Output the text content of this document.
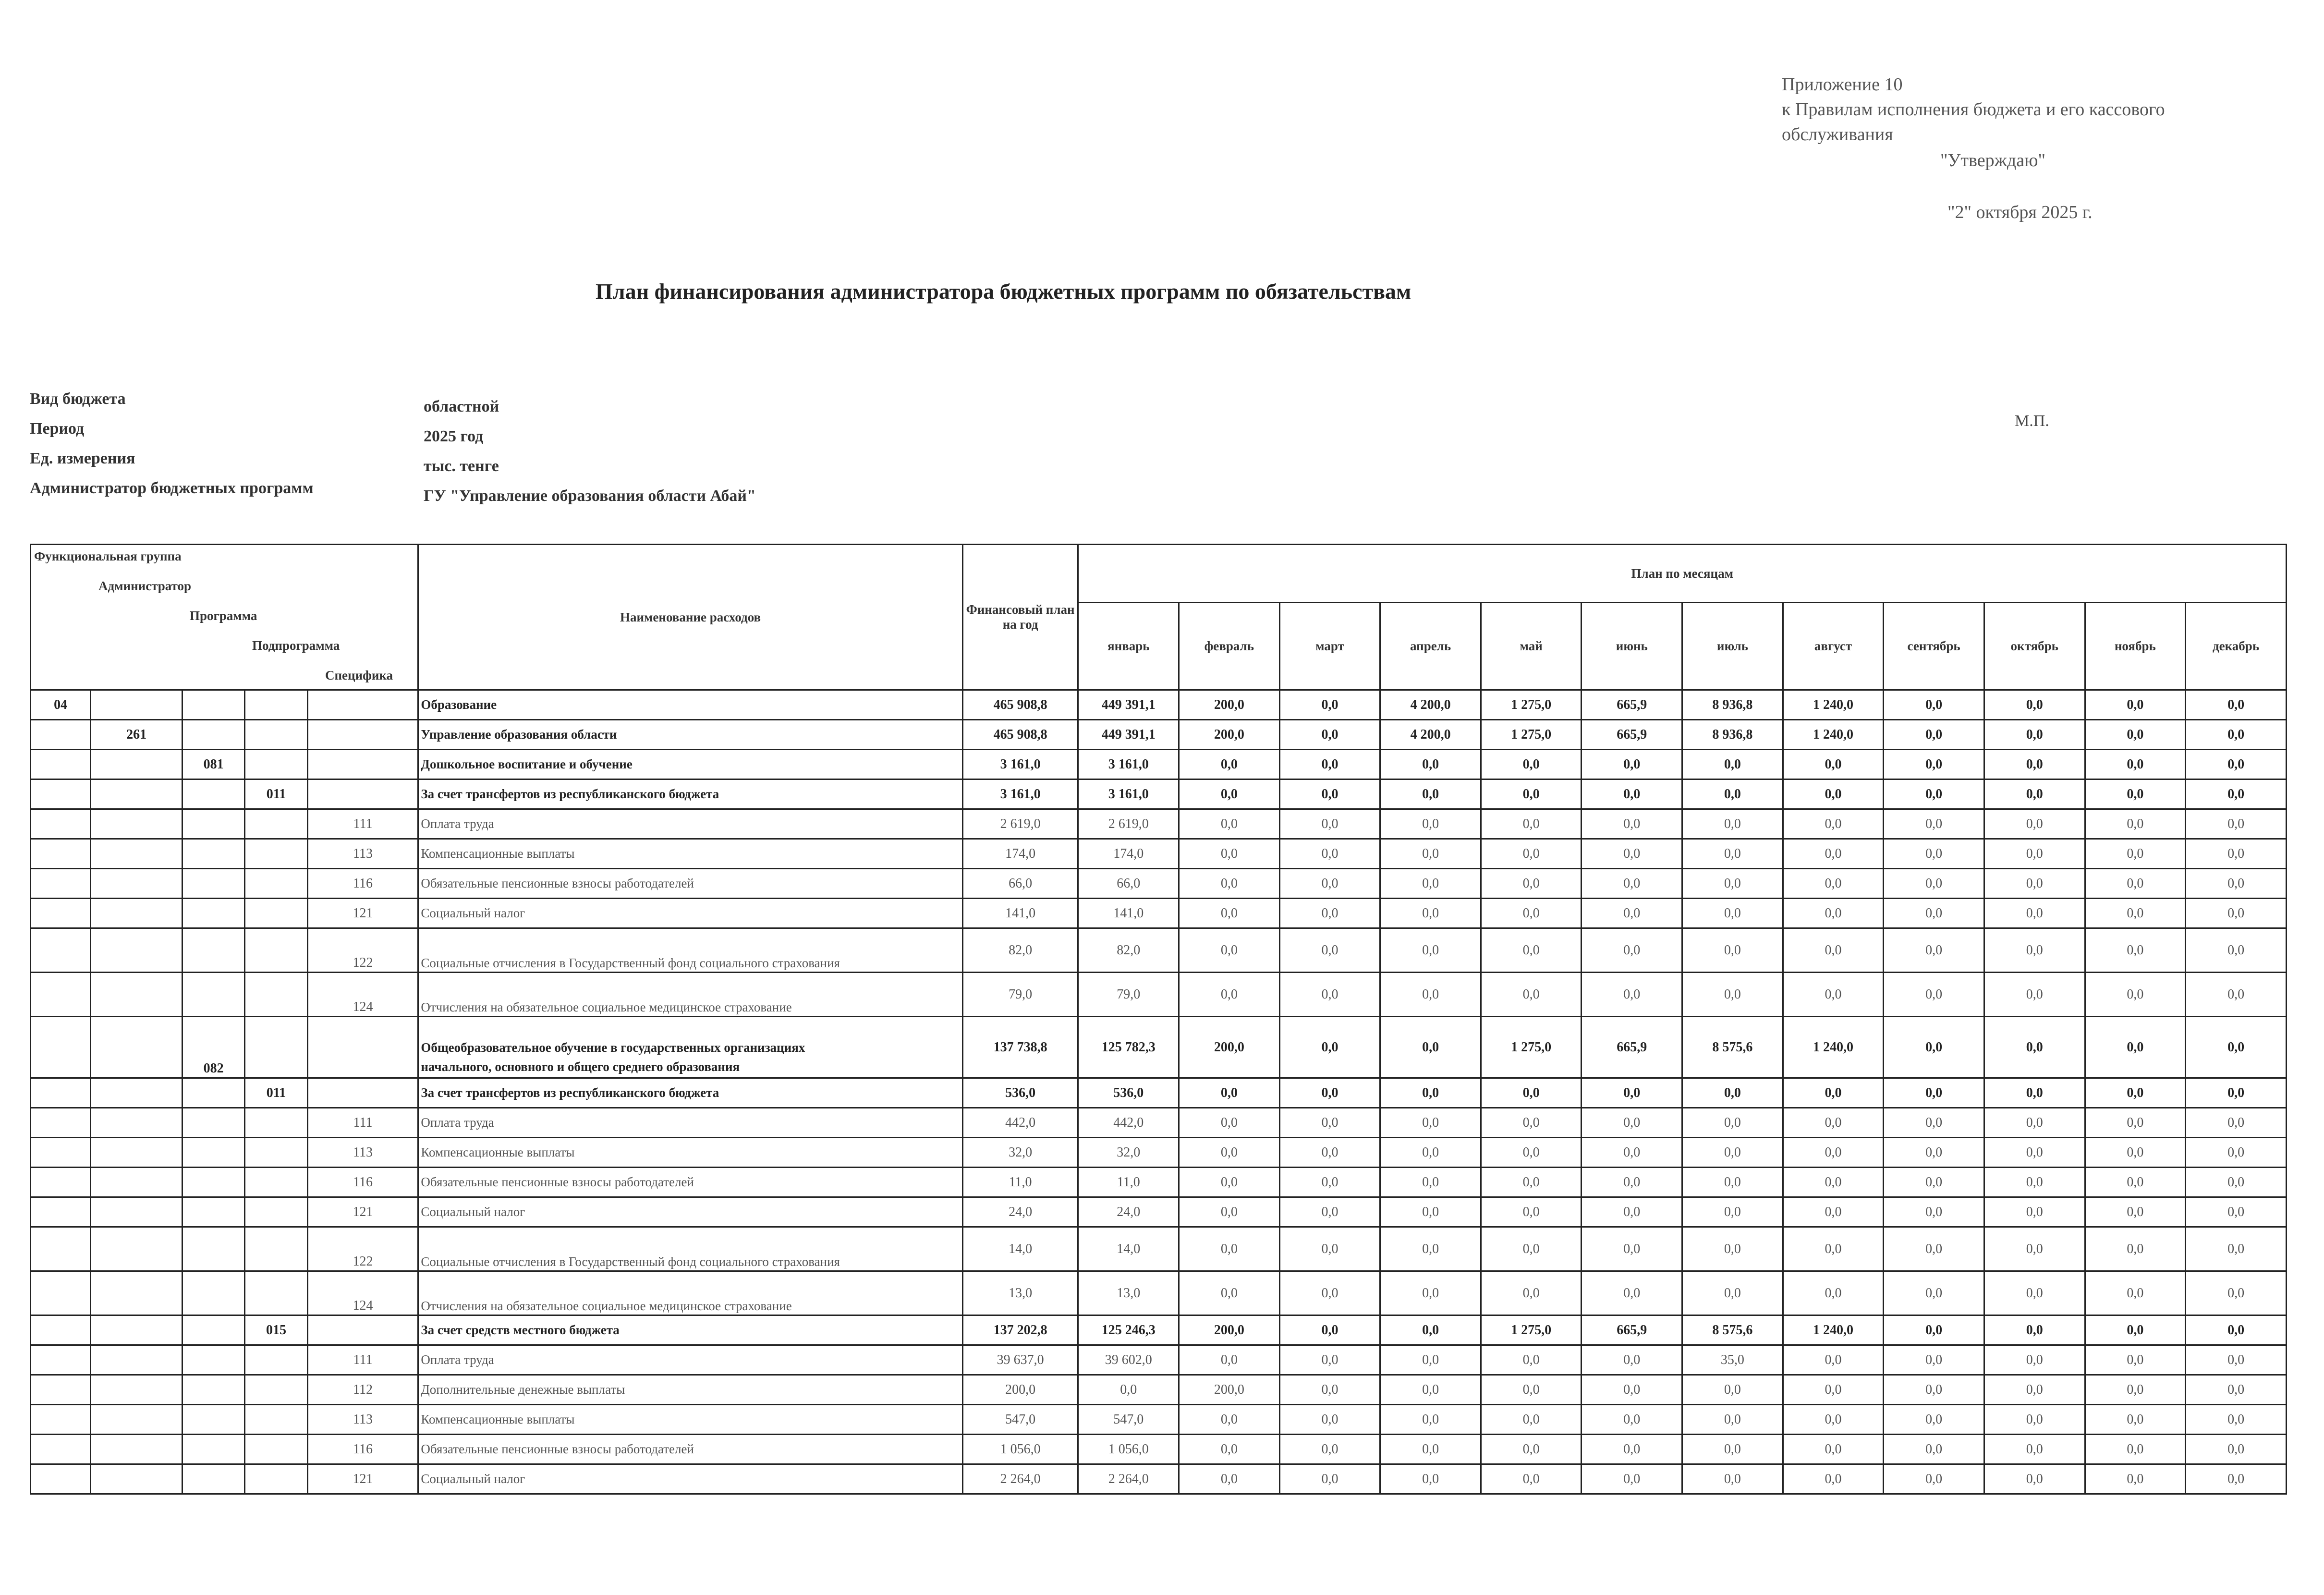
Приложение 10
к Правилам исполнения бюджета и его кассового
обслуживания
"Утверждаю"
"2" октября 2025 г.
План финансирования администратора бюджетных программ по обязательствам
Вид бюджета	областной
Период	2025 год
Ед. измерения	тыс. тенге
Администратор бюджетных программ	ГУ "Управление образования области Абай"
М.П.
Функциональная группа
Администратор
Программа
Подпрограмма
Специфика					Наименование расходов	Финансовый план на год	План по месяцам											
							январь	февраль	март	апрель	май	июнь	июль	август	сентябрь	октябрь	ноябрь	декабрь
04					Образование	465 908,8	449 391,1	200,0	0,0	4 200,0	1 275,0	665,9	8 936,8	1 240,0	0,0	0,0	0,0	0,0
	261				Управление образования области	465 908,8	449 391,1	200,0	0,0	4 200,0	1 275,0	665,9	8 936,8	1 240,0	0,0	0,0	0,0	0,0
		081			Дошкольное воспитание и обучение	3 161,0	3 161,0	0,0	0,0	0,0	0,0	0,0	0,0	0,0	0,0	0,0	0,0	0,0
			011		За счет трансфертов из республиканского бюджета	3 161,0	3 161,0	0,0	0,0	0,0	0,0	0,0	0,0	0,0	0,0	0,0	0,0	0,0
				111	Оплата труда	2 619,0	2 619,0	0,0	0,0	0,0	0,0	0,0	0,0	0,0	0,0	0,0	0,0	0,0
				113	Компенсационные выплаты	174,0	174,0	0,0	0,0	0,0	0,0	0,0	0,0	0,0	0,0	0,0	0,0	0,0
				116	Обязательные пенсионные взносы работодателей	66,0	66,0	0,0	0,0	0,0	0,0	0,0	0,0	0,0	0,0	0,0	0,0	0,0
				121	Социальный налог	141,0	141,0	0,0	0,0	0,0	0,0	0,0	0,0	0,0	0,0	0,0	0,0	0,0
				122	Социальные отчисления в Государственный фонд социального страхования	82,0	82,0	0,0	0,0	0,0	0,0	0,0	0,0	0,0	0,0	0,0	0,0	0,0
				124	Отчисления на обязательное социальное медицинское страхование	79,0	79,0	0,0	0,0	0,0	0,0	0,0	0,0	0,0	0,0	0,0	0,0	0,0
		082			Общеобразовательное обучение в государственных организациях
начального, основного и общего среднего образования	137 738,8	125 782,3	200,0	0,0	0,0	1 275,0	665,9	8 575,6	1 240,0	0,0	0,0	0,0	0,0
			011		За счет трансфертов из республиканского бюджета	536,0	536,0	0,0	0,0	0,0	0,0	0,0	0,0	0,0	0,0	0,0	0,0	0,0
				111	Оплата труда	442,0	442,0	0,0	0,0	0,0	0,0	0,0	0,0	0,0	0,0	0,0	0,0	0,0
				113	Компенсационные выплаты	32,0	32,0	0,0	0,0	0,0	0,0	0,0	0,0	0,0	0,0	0,0	0,0	0,0
				116	Обязательные пенсионные взносы работодателей	11,0	11,0	0,0	0,0	0,0	0,0	0,0	0,0	0,0	0,0	0,0	0,0	0,0
				121	Социальный налог	24,0	24,0	0,0	0,0	0,0	0,0	0,0	0,0	0,0	0,0	0,0	0,0	0,0
				122	Социальные отчисления в Государственный фонд социального страхования	14,0	14,0	0,0	0,0	0,0	0,0	0,0	0,0	0,0	0,0	0,0	0,0	0,0
				124	Отчисления на обязательное социальное медицинское страхование	13,0	13,0	0,0	0,0	0,0	0,0	0,0	0,0	0,0	0,0	0,0	0,0	0,0
			015		За счет средств местного бюджета	137 202,8	125 246,3	200,0	0,0	0,0	1 275,0	665,9	8 575,6	1 240,0	0,0	0,0	0,0	0,0
				111	Оплата труда	39 637,0	39 602,0	0,0	0,0	0,0	0,0	0,0	35,0	0,0	0,0	0,0	0,0	0,0
				112	Дополнительные денежные выплаты	200,0	0,0	200,0	0,0	0,0	0,0	0,0	0,0	0,0	0,0	0,0	0,0	0,0
				113	Компенсационные выплаты	547,0	547,0	0,0	0,0	0,0	0,0	0,0	0,0	0,0	0,0	0,0	0,0	0,0
				116	Обязательные пенсионные взносы работодателей	1 056,0	1 056,0	0,0	0,0	0,0	0,0	0,0	0,0	0,0	0,0	0,0	0,0	0,0
				121	Социальный налог	2 264,0	2 264,0	0,0	0,0	0,0	0,0	0,0	0,0	0,0	0,0	0,0	0,0	0,0
